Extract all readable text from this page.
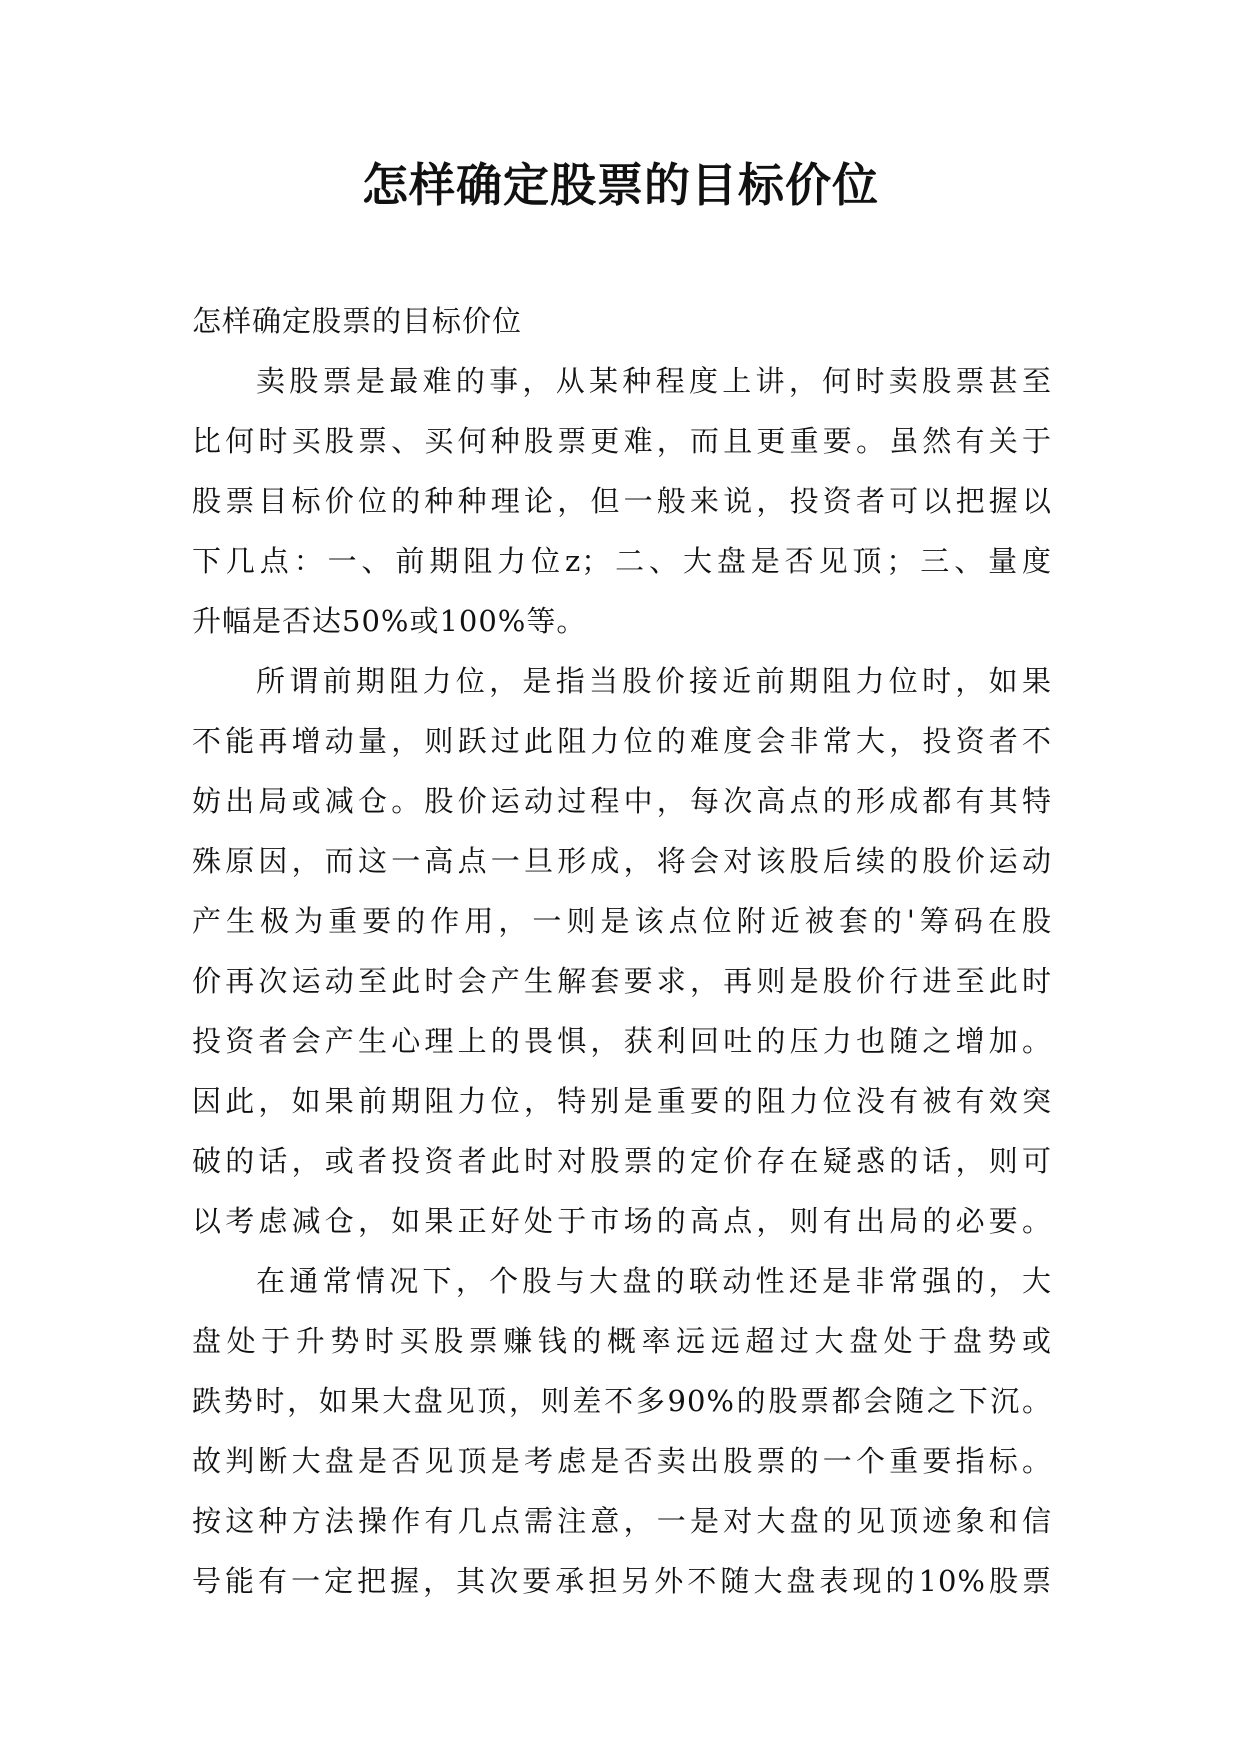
怎样确定股票的目标价位
怎样确定股票的目标价位
卖股票是最难的事，从某种程度上讲，何时卖股票甚至
比何时买股票、买何种股票更难，而且更重要。虽然有关于
股票目标价位的种种理论，但一般来说，投资者可以把握以
下几点：一、前期阻力位z；二、大盘是否见顶；三、量度
升幅是否达50%或100%等。
所谓前期阻力位，是指当股价接近前期阻力位时，如果
不能再增动量，则跃过此阻力位的难度会非常大，投资者不
妨出局或减仓。股价运动过程中，每次高点的形成都有其特
殊原因，而这一高点一旦形成，将会对该股后续的股价运动
产生极为重要的作用，一则是该点位附近被套的'筹码在股
价再次运动至此时会产生解套要求，再则是股价行进至此时
投资者会产生心理上的畏惧，获利回吐的压力也随之增加。
因此，如果前期阻力位，特别是重要的阻力位没有被有效突
破的话，或者投资者此时对股票的定价存在疑惑的话，则可
以考虑减仓，如果正好处于市场的高点，则有出局的必要。
在通常情况下，个股与大盘的联动性还是非常强的，大
盘处于升势时买股票赚钱的概率远远超过大盘处于盘势或
跌势时，如果大盘见顶，则差不多90%的股票都会随之下沉。
故判断大盘是否见顶是考虑是否卖出股票的一个重要指标。
按这种方法操作有几点需注意，一是对大盘的见顶迹象和信
号能有一定把握，其次要承担另外不随大盘表现的10%股票
